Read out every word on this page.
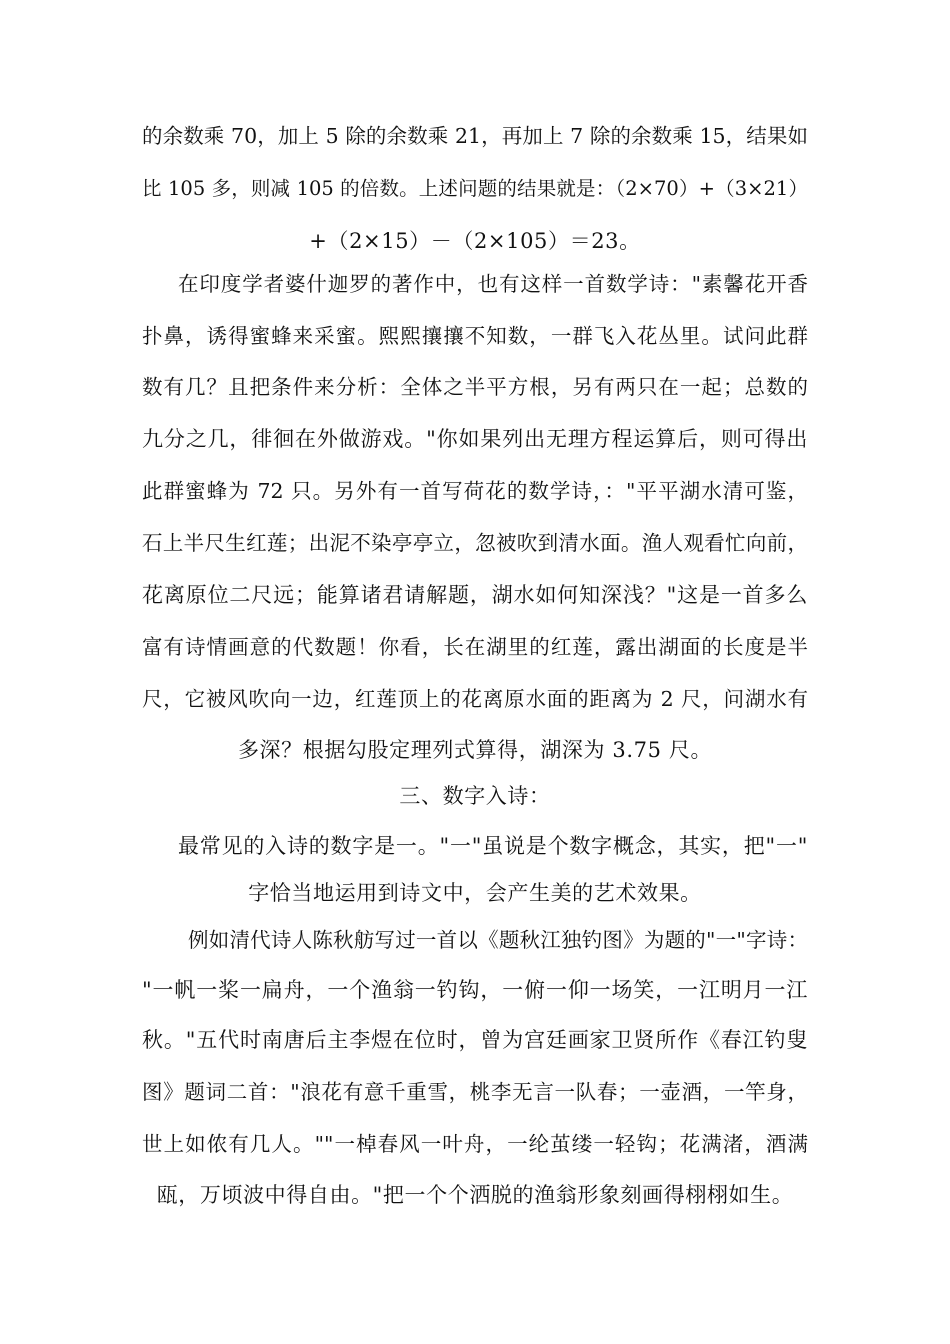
的余数乘 70，加上 5 除的余数乘 21，再加上 7 除的余数乘 15，结果如
比 105 多，则减 105 的倍数。上述问题的结果就是：（2×70）+（3×21）
+（2×15）－（2×105）＝23。
在印度学者婆什迦罗的著作中，也有这样一首数学诗："素馨花开香
扑鼻，诱得蜜蜂来采蜜。熙熙攘攘不知数，一群飞入花丛里。试问此群
数有几？且把条件来分析：全体之半平方根，另有两只在一起；总数的
九分之几，徘徊在外做游戏。"你如果列出无理方程运算后，则可得出
此群蜜蜂为 72 只。另外有一首写荷花的数学诗，："平平湖水清可鉴，
石上半尺生红莲；出泥不染亭亭立，忽被吹到清水面。渔人观看忙向前，
花离原位二尺远；能算诸君请解题，湖水如何知深浅？"这是一首多么
富有诗情画意的代数题！你看，长在湖里的红莲，露出湖面的长度是半
尺，它被风吹向一边，红莲顶上的花离原水面的距离为 2 尺，问湖水有
多深？根据勾股定理列式算得，湖深为 3.75 尺。
三、数字入诗：
最常见的入诗的数字是一。"一"虽说是个数字概念，其实，把"一"
字恰当地运用到诗文中，会产生美的艺术效果。
例如清代诗人陈秋舫写过一首以《题秋江独钓图》为题的"一"字诗：
"一帆一桨一扁舟，一个渔翁一钓钩，一俯一仰一场笑，一江明月一江
秋。"五代时南唐后主李煜在位时，曾为宫廷画家卫贤所作《春江钓叟
图》题词二首："浪花有意千重雪，桃李无言一队春；一壶酒，一竿身，
世上如侬有几人。""一棹春风一叶舟，一纶茧缕一轻钩；花满渚，酒满
瓯，万顷波中得自由。"把一个个洒脱的渔翁形象刻画得栩栩如生。
